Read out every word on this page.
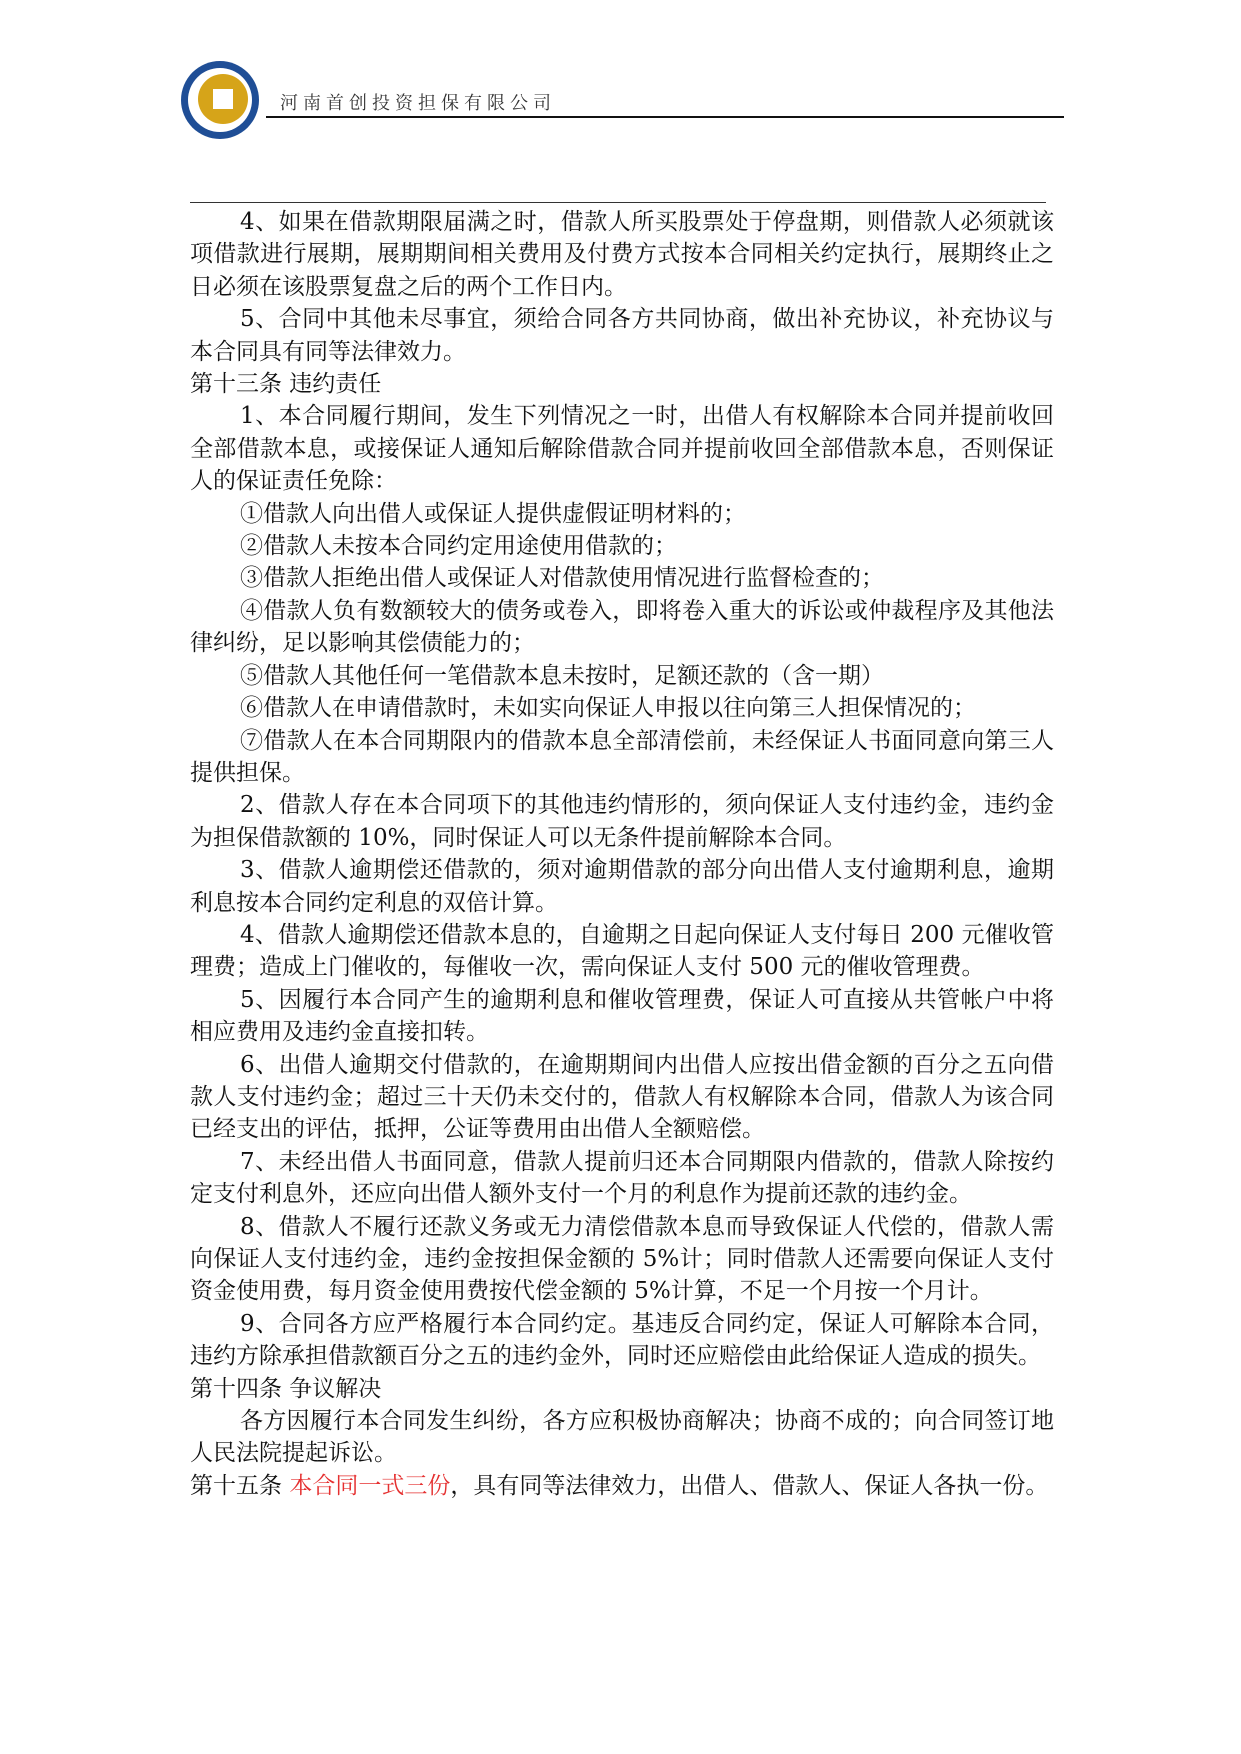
河南首创投资担保有限公司

4、如果在借款期限届满之时，借款人所买股票处于停盘期，则借款人必须就该项借款进行展期，展期期间相关费用及付费方式按本合同相关约定执行，展期终止之日必须在该股票复盘之后的两个工作日内。

5、合同中其他未尽事宜，须给合同各方共同协商，做出补充协议，补充协议与本合同具有同等法律效力。

第十三条 违约责任

1、本合同履行期间，发生下列情况之一时，出借人有权解除本合同并提前收回全部借款本息，或接保证人通知后解除借款合同并提前收回全部借款本息，否则保证人的保证责任免除：

①借款人向出借人或保证人提供虚假证明材料的；

②借款人未按本合同约定用途使用借款的；

③借款人拒绝出借人或保证人对借款使用情况进行监督检查的；

④借款人负有数额较大的债务或卷入，即将卷入重大的诉讼或仲裁程序及其他法律纠纷，足以影响其偿债能力的；

⑤借款人其他任何一笔借款本息未按时，足额还款的（含一期）

⑥借款人在申请借款时，未如实向保证人申报以往向第三人担保情况的；

⑦借款人在本合同期限内的借款本息全部清偿前，未经保证人书面同意向第三人提供担保。

2、借款人存在本合同项下的其他违约情形的，须向保证人支付违约金，违约金为担保借款额的 10%，同时保证人可以无条件提前解除本合同。

3、借款人逾期偿还借款的，须对逾期借款的部分向出借人支付逾期利息，逾期利息按本合同约定利息的双倍计算。

4、借款人逾期偿还借款本息的，自逾期之日起向保证人支付每日 200 元催收管理费；造成上门催收的，每催收一次，需向保证人支付 500 元的催收管理费。

5、因履行本合同产生的逾期利息和催收管理费，保证人可直接从共管帐户中将相应费用及违约金直接扣转。

6、出借人逾期交付借款的，在逾期期间内出借人应按出借金额的百分之五向借款人支付违约金；超过三十天仍未交付的，借款人有权解除本合同，借款人为该合同已经支出的评估，抵押，公证等费用由出借人全额赔偿。

7、未经出借人书面同意，借款人提前归还本合同期限内借款的，借款人除按约定支付利息外，还应向出借人额外支付一个月的利息作为提前还款的违约金。

8、借款人不履行还款义务或无力清偿借款本息而导致保证人代偿的，借款人需向保证人支付违约金，违约金按担保金额的 5%计；同时借款人还需要向保证人支付资金使用费，每月资金使用费按代偿金额的 5%计算，不足一个月按一个月计。

9、合同各方应严格履行本合同约定。基违反合同约定，保证人可解除本合同，违约方除承担借款额百分之五的违约金外，同时还应赔偿由此给保证人造成的损失。

第十四条 争议解决

各方因履行本合同发生纠纷，各方应积极协商解决；协商不成的；向合同签订地人民法院提起诉讼。

第十五条 本合同一式三份，具有同等法律效力，出借人、借款人、保证人各执一份。
